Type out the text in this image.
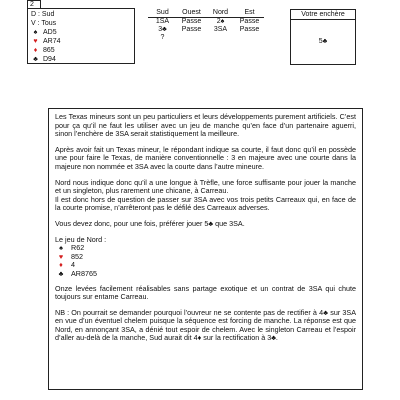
2
D : Sud
V : Tous
♠ AD5
♥ AR74
♦ 865
♣ D94
Sud	Ouest	Nord	Est
1SA	Passe	2♠	Passe
3♣	Passe	3SA	Passe
?			
Votre enchère
5♣

Les Texas mineurs sont un peu particuliers et leurs développements purement artificiels. C’est pour ça qu’il ne faut les utiliser avec un jeu de manche qu’en face d’un partenaire aguerri, sinon l’enchère de 3SA serait statistiquement la meilleure.

Après avoir fait un Texas mineur, le répondant indique sa courte, il faut donc qu’il en possède une pour faire le Texas, de manière conventionnelle : 3 en majeure avec une courte dans la majeure non nommée et 3SA avec la courte dans l’autre mineure.

Nord nous indique donc qu’il a une longue à Trèfle, une force suffisante pour jouer la manche et un singleton, plus rarement une chicane, à Carreau.

Il est donc hors de question de passer sur 3SA avec vos trois petits Carreaux qui, en face de la courte promise, n’arrêteront pas le défilé des Carreaux adverses.

Vous devez donc, pour une fois, préférer jouer 5♣ que 3SA.

Le jeu de Nord :
♠ R62
♥ 852
♦	4
♣ AR8765

Onze levées facilement réalisables sans partage exotique et un contrat de 3SA qui chute toujours sur entame Carreau.

NB : On pourrait se demander pourquoi l’ouvreur ne se contente pas de rectifier à 4♣ sur 3SA en vue d’un éventuel chelem puisque la séquence est forcing de manche. La réponse est que Nord, en annonçant 3SA, a dénié tout espoir de chelem. Avec le singleton Carreau et l’espoir d’aller au-delà de la manche, Sud aurait dit 4♦ sur la rectification à 3♣.
